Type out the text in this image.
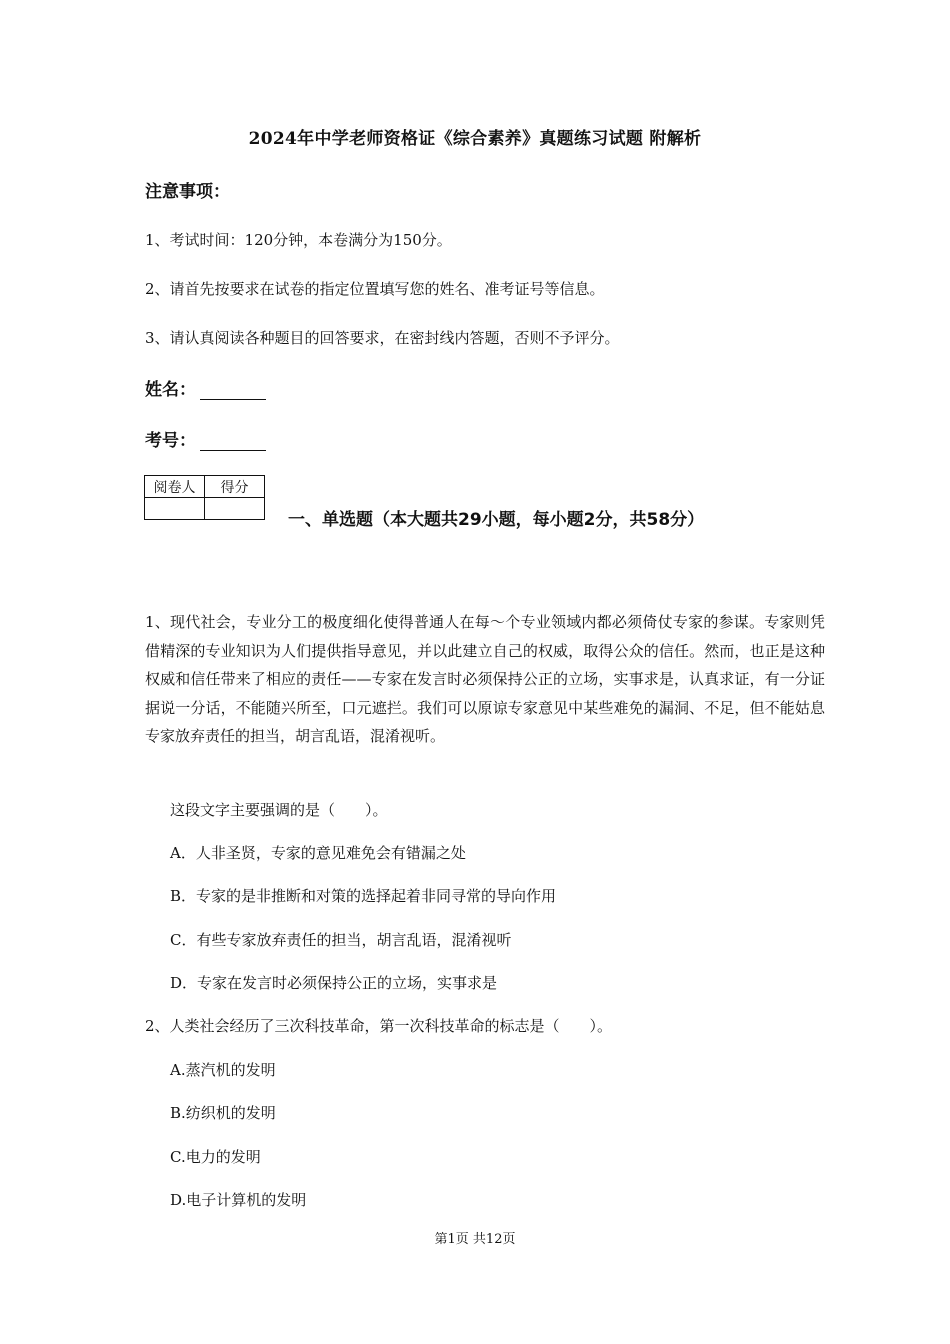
2024年中学老师资格证《综合素养》真题练习试题 附解析
注意事项：
1、考试时间：120分钟，本卷满分为150分。
2、请首先按要求在试卷的指定位置填写您的姓名、准考证号等信息。
3、请认真阅读各种题目的回答要求，在密封线内答题，否则不予评分。
姓名：
考号：
阅卷人	得分

一、单选题（本大题共29小题，每小题2分，共58分）
1、现代社会，专业分工的极度细化使得普通人在每～个专业领域内都必须倚仗专家的参谋。专家则凭借精深的专业知识为人们提供指导意见，并以此建立自己的权威，取得公众的信任。然而，也正是这种权威和信任带来了相应的责任——专家在发言时必须保持公正的立场，实事求是，认真求证，有一分证据说一分话，不能随兴所至，口元遮拦。我们可以原谅专家意见中某些难免的漏洞、不足，但不能姑息专家放弃责任的担当，胡言乱语，混淆视听。
这段文字主要强调的是（　　）。
A．人非圣贤，专家的意见难免会有错漏之处
B．专家的是非推断和对策的选择起着非同寻常的导向作用
C．有些专家放弃责任的担当，胡言乱语，混淆视听
D．专家在发言时必须保持公正的立场，实事求是
2、人类社会经历了三次科技革命，第一次科技革命的标志是（　　）。
A.蒸汽机的发明
B.纺织机的发明
C.电力的发明
D.电子计算机的发明
第1页 共12页
